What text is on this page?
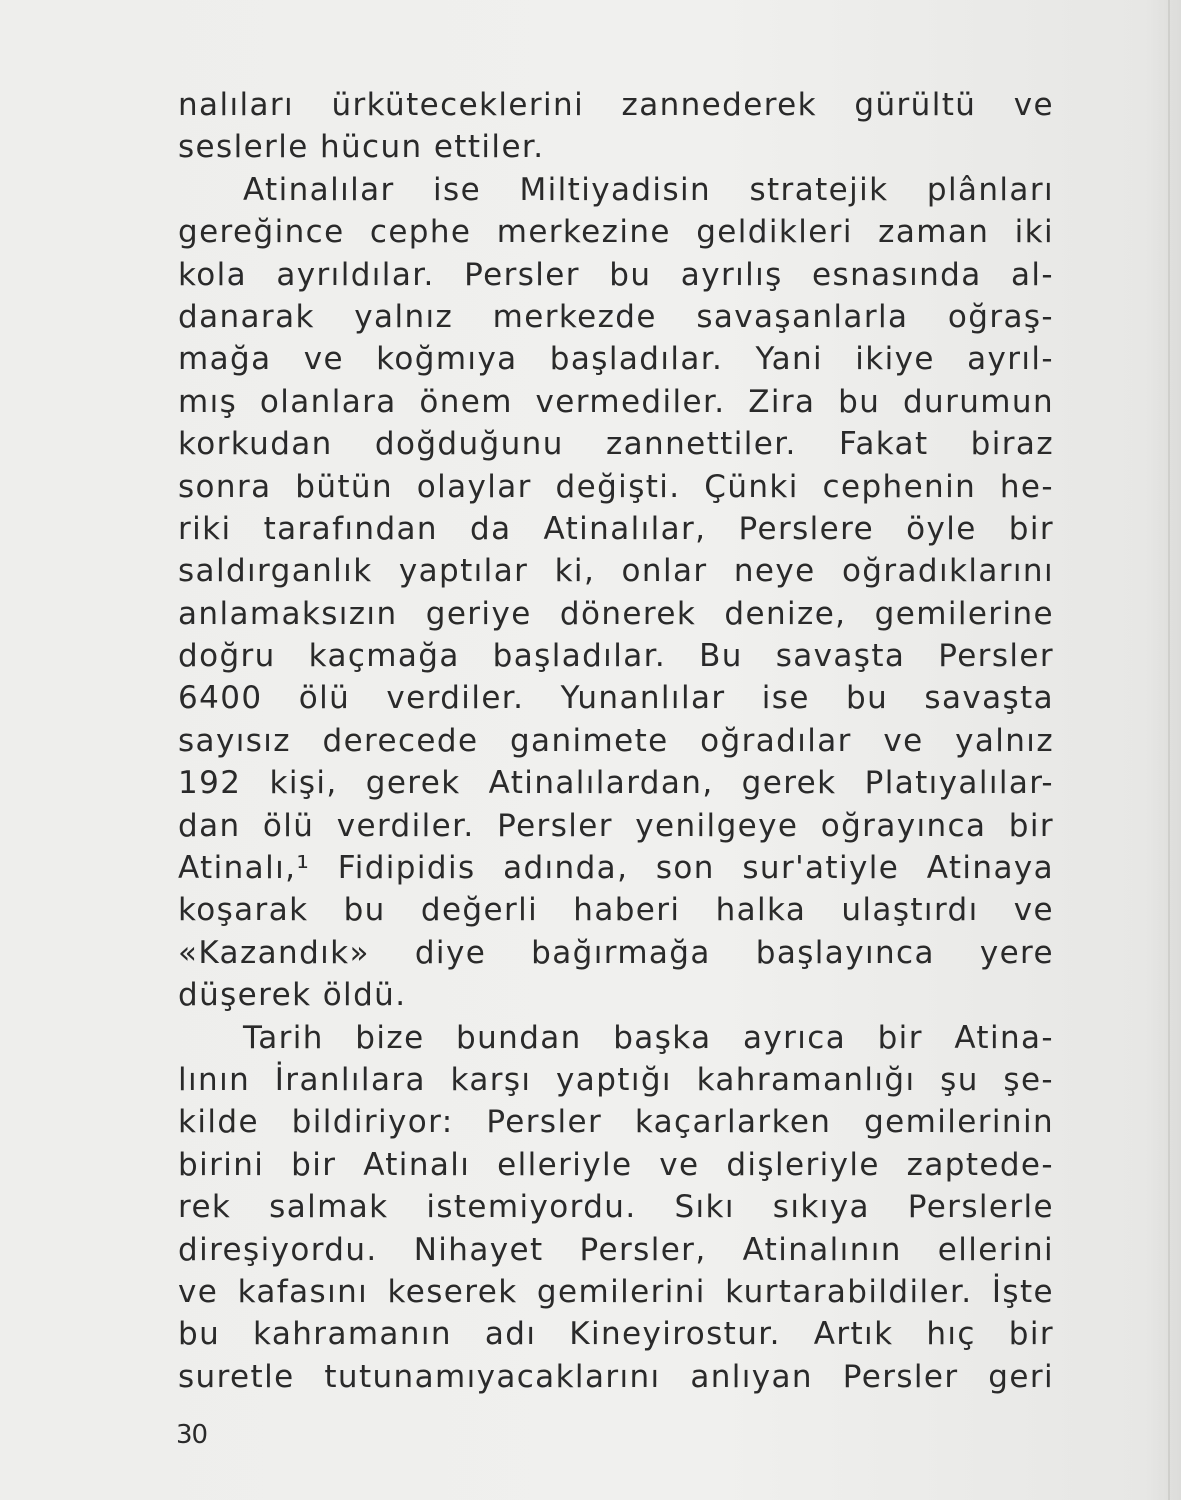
nalıları ürküteceklerini zannederek gürültü ve
seslerle hücun ettiler.
Atinalılar ise Miltiyadisin stratejik plânları
gereğince cephe merkezine geldikleri zaman iki
kola ayrıldılar. Persler bu ayrılış esnasında al-
danarak yalnız merkezde savaşanlarla oğraş-
mağa ve koğmıya başladılar. Yani ikiye ayrıl-
mış olanlara önem vermediler. Zira bu durumun
korkudan doğduğunu zannettiler. Fakat biraz
sonra bütün olaylar değişti. Çünki cephenin he-
riki tarafından da Atinalılar, Perslere öyle bir
saldırganlık yaptılar ki, onlar neye oğradıklarını
anlamaksızın geriye dönerek denize, gemilerine
doğru kaçmağa başladılar. Bu savaşta Persler
6400 ölü verdiler. Yunanlılar ise bu savaşta
sayısız derecede ganimete oğradılar ve yalnız
192 kişi, gerek Atinalılardan, gerek Platıyalılar-
dan ölü verdiler. Persler yenilgeye oğrayınca bir
Atinalı,¹ Fidipidis adında, son sur'atiyle Atinaya
koşarak bu değerli haberi halka ulaştırdı ve
«Kazandık» diye bağırmağa başlayınca yere
düşerek öldü.
Tarih bize bundan başka ayrıca bir Atina-
lının İranlılara karşı yaptığı kahramanlığı şu şe-
kilde bildiriyor: Persler kaçarlarken gemilerinin
birini bir Atinalı elleriyle ve dişleriyle zaptede-
rek salmak istemiyordu. Sıkı sıkıya Perslerle
direşiyordu. Nihayet Persler, Atinalının ellerini
ve kafasını keserek gemilerini kurtarabildiler. İşte
bu kahramanın adı Kineyirostur. Artık hıç bir
suretle tutunamıyacaklarını anlıyan Persler geri
30
